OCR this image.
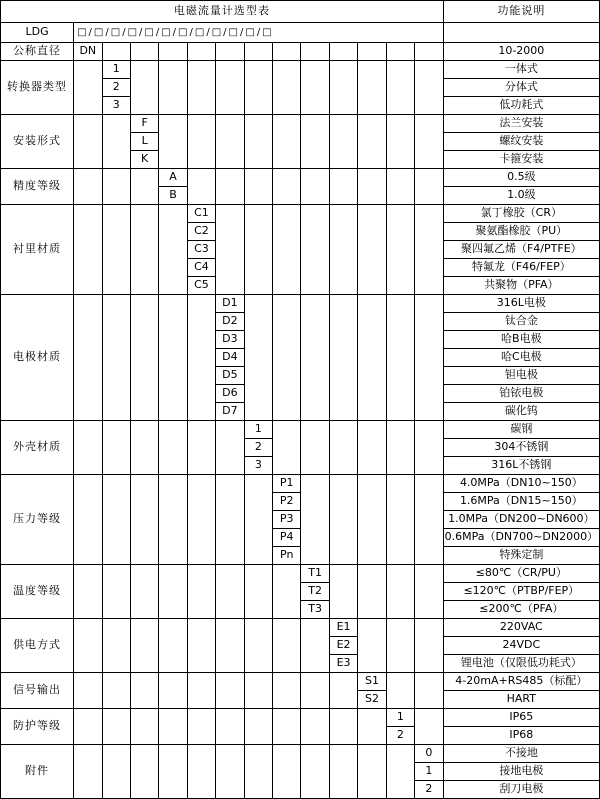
电磁流量计选型表														功能说明
LDG	□ / □ / □ / □ / □ / □ / □ / □ / □ / □ / □ / □

公称直径	DN													10-2000
转换器类型		1												一体式
		2												分体式
		3												低功耗式
安装形式			F											法兰安装
			L											螺纹安装
			K											卡箍安装
精度等级				A										0.5级
				B										1.0级
衬里材质					C1									氯丁橡胶（CR）
					C2									聚氨酯橡胶（PU）
					C3									聚四氟乙烯（F4/PTFE）
					C4									特氟龙（F46/FEP）
					C5									共聚物（PFA）
电极材质						D1								316L电极
						D2								钛合金
						D3								哈B电极
						D4								哈C电极
						D5								钽电极
						D6								铂铱电极
						D7								碳化钨
外壳材质							1							碳钢
							2							304不锈钢
							3							316L不锈钢
压力等级								P1						4.0MPa（DN10~150）
								P2						1.6MPa（DN15~150）
								P3						1.0MPa（DN200~DN600）
								P4						0.6MPa（DN700~DN2000）
								Pn						特殊定制
温度等级									T1					≤80℃（CR/PU）
									T2					≤120℃（PTBP/FEP）
									T3					≤200℃（PFA）
供电方式										E1				220VAC
										E2				24VDC
										E3				锂电池（仅限低功耗式）
信号输出											S1			4-20mA+RS485（标配）
											S2			HART
防护等级												1		IP65
												2		IP68
附件													0	不接地
													1	接地电极
													2	刮刀电极
